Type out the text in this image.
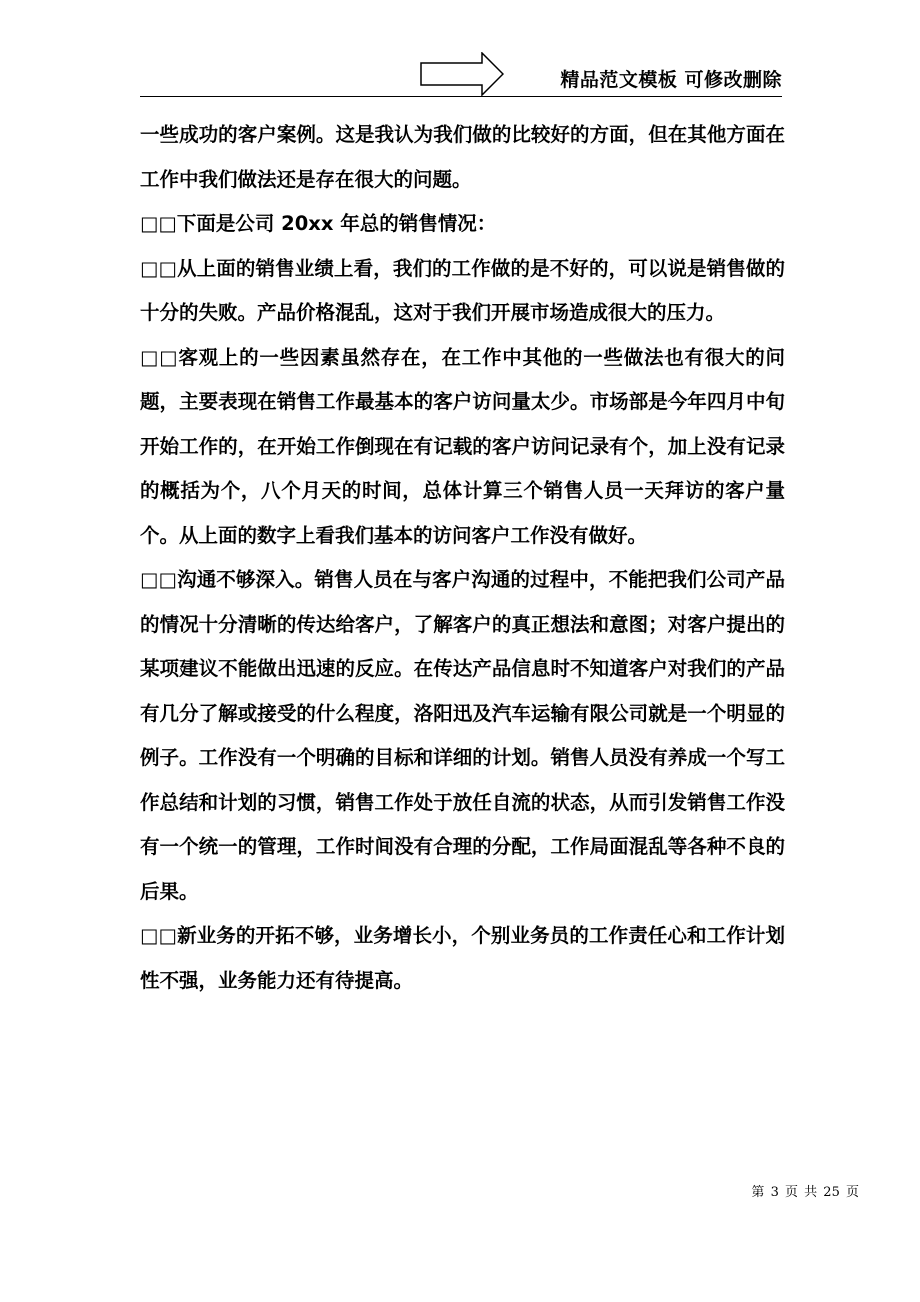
精品范文模板 可修改删除

一些成功的客户案例。这是我认为我们做的比较好的方面，但在其他方面在工作中我们做法还是存在很大的问题。

□□下面是公司 20xx 年总的销售情况：

□□从上面的销售业绩上看，我们的工作做的是不好的，可以说是销售做的十分的失败。产品价格混乱，这对于我们开展市场造成很大的压力。

□□客观上的一些因素虽然存在，在工作中其他的一些做法也有很大的问题，主要表现在销售工作最基本的客户访问量太少。市场部是今年四月中旬开始工作的，在开始工作倒现在有记载的客户访问记录有个，加上没有记录的概括为个，八个月天的时间，总体计算三个销售人员一天拜访的客户量个。从上面的数字上看我们基本的访问客户工作没有做好。

□□沟通不够深入。销售人员在与客户沟通的过程中，不能把我们公司产品的情况十分清晰的传达给客户，了解客户的真正想法和意图；对客户提出的某项建议不能做出迅速的反应。在传达产品信息时不知道客户对我们的产品有几分了解或接受的什么程度，洛阳迅及汽车运输有限公司就是一个明显的例子。工作没有一个明确的目标和详细的计划。销售人员没有养成一个写工作总结和计划的习惯，销售工作处于放任自流的状态，从而引发销售工作没有一个统一的管理，工作时间没有合理的分配，工作局面混乱等各种不良的后果。

□□新业务的开拓不够，业务增长小，个别业务员的工作责任心和工作计划性不强，业务能力还有待提高。

第 3 页 共 25 页
